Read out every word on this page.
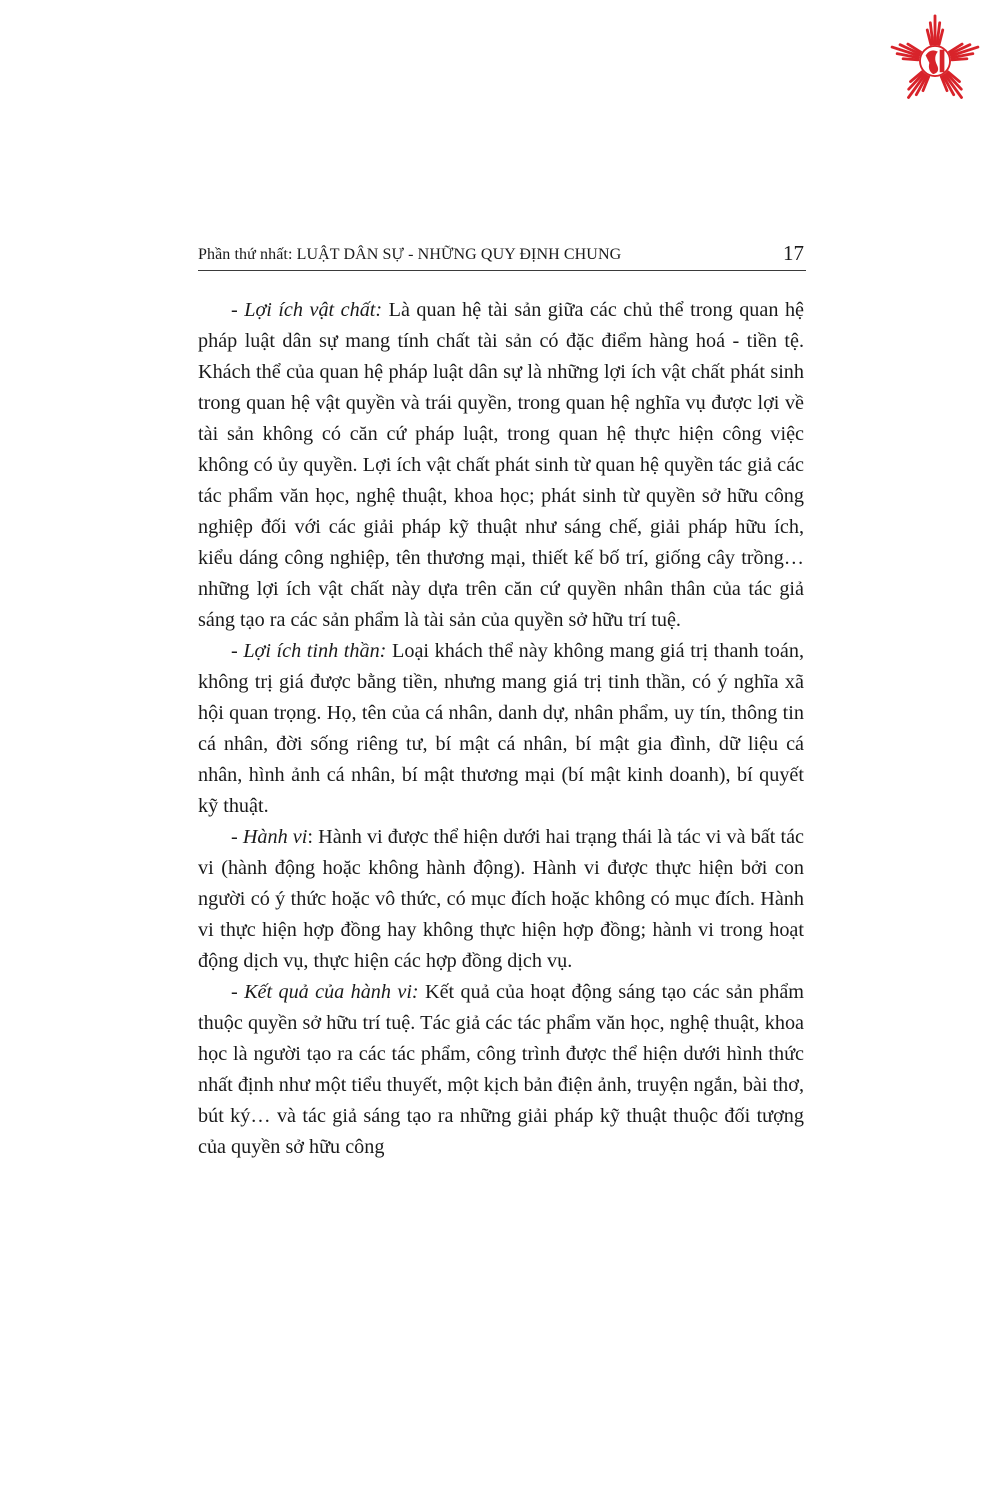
Phần thứ nhất: LUẬT DÂN SỰ - NHỮNG QUY ĐỊNH CHUNG	17

- Lợi ích vật chất: Là quan hệ tài sản giữa các chủ thể trong quan hệ pháp luật dân sự mang tính chất tài sản có đặc điểm hàng hoá - tiền tệ. Khách thể của quan hệ pháp luật dân sự là những lợi ích vật chất phát sinh trong quan hệ vật quyền và trái quyền, trong quan hệ nghĩa vụ được lợi về tài sản không có căn cứ pháp luật, trong quan hệ thực hiện công việc không có ủy quyền. Lợi ích vật chất phát sinh từ quan hệ quyền tác giả các tác phẩm văn học, nghệ thuật, khoa học; phát sinh từ quyền sở hữu công nghiệp đối với các giải pháp kỹ thuật như sáng chế, giải pháp hữu ích, kiểu dáng công nghiệp, tên thương mại, thiết kế bố trí, giống cây trồng… những lợi ích vật chất này dựa trên căn cứ quyền nhân thân của tác giả sáng tạo ra các sản phẩm là tài sản của quyền sở hữu trí tuệ.

- Lợi ích tinh thần: Loại khách thể này không mang giá trị thanh toán, không trị giá được bằng tiền, nhưng mang giá trị tinh thần, có ý nghĩa xã hội quan trọng. Họ, tên của cá nhân, danh dự, nhân phẩm, uy tín, thông tin cá nhân, đời sống riêng tư, bí mật cá nhân, bí mật gia đình, dữ liệu cá nhân, hình ảnh cá nhân, bí mật thương mại (bí mật kinh doanh), bí quyết kỹ thuật.

- Hành vi: Hành vi được thể hiện dưới hai trạng thái là tác vi và bất tác vi (hành động hoặc không hành động). Hành vi được thực hiện bởi con người có ý thức hoặc vô thức, có mục đích hoặc không có mục đích. Hành vi thực hiện hợp đồng hay không thực hiện hợp đồng; hành vi trong hoạt động dịch vụ, thực hiện các hợp đồng dịch vụ.

- Kết quả của hành vi: Kết quả của hoạt động sáng tạo các sản phẩm thuộc quyền sở hữu trí tuệ. Tác giả các tác phẩm văn học, nghệ thuật, khoa học là người tạo ra các tác phẩm, công trình được thể hiện dưới hình thức nhất định như một tiểu thuyết, một kịch bản điện ảnh, truyện ngắn, bài thơ, bút ký… và tác giả sáng tạo ra những giải pháp kỹ thuật thuộc đối tượng của quyền sở hữu công
